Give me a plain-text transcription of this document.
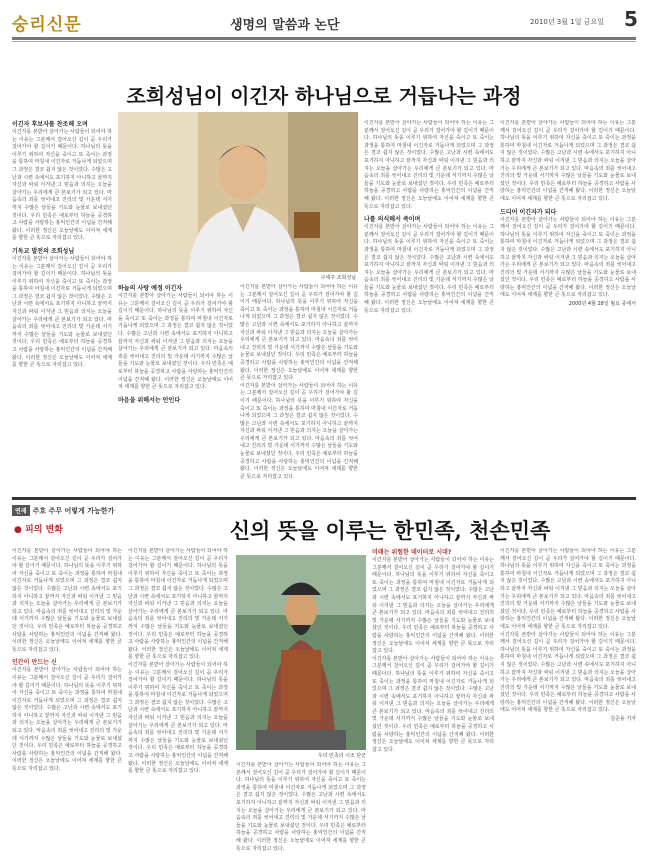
숭리신문	생명의 말씀과 논단	2010년 3월 1일 금요일 5
조희성님이 이긴자 하나님으로 거듭나는 과정
이긴자 후보자를 찬조해 오며
이긴자를 본받아 살아가는 사람들이 되어야 하는 이유는 그분께서 걸어오신 길이 곧 우리가 걸어가야 할 길이기 때문이다. 하나님의 뜻을 이루기 위하여 자신을 죽이고 또 죽이는 과정을 통하여 마침내 이긴자로 거듭나게 되었으며 그 과정은 결코 쉽지 않은 것이었다. 수많은 고난과 시련 속에서도 포기하지 아니하고 끝까지 자신과 싸워 이겨낸 그 믿음과 의지는 오늘을 살아가는 우리에게 큰 본보기가 되고 있다. 마음속의 죄를 씻어내고 진리의 빛 가운데 서기까지 수많은 날들을 기도와 눈물로 보내셨던 것이다. 우리 민족은 예로부터 하늘을 공경하고 사람을 사랑하는 홍익인간의 이념을 간직해 왔다. 이러한 정신은 오늘날에도 이어져 세계를 향한 큰 뜻으로 자리잡고 있다.
기독교 발전의 조희성님
이긴자를 본받아 살아가는 사람들이 되어야 하는 이유는 그분께서 걸어오신 길이 곧 우리가 걸어가야 할 길이기 때문이다. 하나님의 뜻을 이루기 위하여 자신을 죽이고 또 죽이는 과정을 통하여 마침내 이긴자로 거듭나게 되었으며 그 과정은 결코 쉽지 않은 것이었다. 수많은 고난과 시련 속에서도 포기하지 아니하고 끝까지 자신과 싸워 이겨낸 그 믿음과 의지는 오늘을 살아가는 우리에게 큰 본보기가 되고 있다. 마음속의 죄를 씻어내고 진리의 빛 가운데 서기까지 수많은 날들을 기도와 눈물로 보내셨던 것이다. 우리 민족은 예로부터 하늘을 공경하고 사람을 사랑하는 홍익인간의 이념을 간직해 왔다. 이러한 정신은 오늘날에도 이어져 세계를 향한 큰 뜻으로 자리잡고 있다.
구세주 조희성님
하늘의 사랑 예정 이긴자
이긴자를 본받아 살아가는 사람들이 되어야 하는 이유는 그분께서 걸어오신 길이 곧 우리가 걸어가야 할 길이기 때문이다. 하나님의 뜻을 이루기 위하여 자신을 죽이고 또 죽이는 과정을 통하여 마침내 이긴자로 거듭나게 되었으며 그 과정은 결코 쉽지 않은 것이었다. 수많은 고난과 시련 속에서도 포기하지 아니하고 끝까지 자신과 싸워 이겨낸 그 믿음과 의지는 오늘을 살아가는 우리에게 큰 본보기가 되고 있다. 마음속의 죄를 씻어내고 진리의 빛 가운데 서기까지 수많은 날들을 기도와 눈물로 보내셨던 것이다. 우리 민족은 예로부터 하늘을 공경하고 사람을 사랑하는 홍익인간의 이념을 간직해 왔다. 이러한 정신은 오늘날에도 이어져 세계를 향한 큰 뜻으로 자리잡고 있다.
마음을 위해서는 안인다
이긴자를 본받아 살아가는 사람들이 되어야 하는 이유는 그분께서 걸어오신 길이 곧 우리가 걸어가야 할 길이기 때문이다. 하나님의 뜻을 이루기 위하여 자신을 죽이고 또 죽이는 과정을 통하여 마침내 이긴자로 거듭나게 되었으며 그 과정은 결코 쉽지 않은 것이었다. 수많은 고난과 시련 속에서도 포기하지 아니하고 끝까지 자신과 싸워 이겨낸 그 믿음과 의지는 오늘을 살아가는 우리에게 큰 본보기가 되고 있다. 마음속의 죄를 씻어내고 진리의 빛 가운데 서기까지 수많은 날들을 기도와 눈물로 보내셨던 것이다. 우리 민족은 예로부터 하늘을 공경하고 사람을 사랑하는 홍익인간의 이념을 간직해 왔다. 이러한 정신은 오늘날에도 이어져 세계를 향한 큰 뜻으로 자리잡고 있다.
이긴자를 본받아 살아가는 사람들이 되어야 하는 이유는 그분께서 걸어오신 길이 곧 우리가 걸어가야 할 길이기 때문이다. 하나님의 뜻을 이루기 위하여 자신을 죽이고 또 죽이는 과정을 통하여 마침내 이긴자로 거듭나게 되었으며 그 과정은 결코 쉽지 않은 것이었다. 수많은 고난과 시련 속에서도 포기하지 아니하고 끝까지 자신과 싸워 이겨낸 그 믿음과 의지는 오늘을 살아가는 우리에게 큰 본보기가 되고 있다. 마음속의 죄를 씻어내고 진리의 빛 가운데 서기까지 수많은 날들을 기도와 눈물로 보내셨던 것이다. 우리 민족은 예로부터 하늘을 공경하고 사람을 사랑하는 홍익인간의 이념을 간직해 왔다. 이러한 정신은 오늘날에도 이어져 세계를 향한 큰 뜻으로 자리잡고 있다.
이긴자를 본받아 살아가는 사람들이 되어야 하는 이유는 그분께서 걸어오신 길이 곧 우리가 걸어가야 할 길이기 때문이다. 하나님의 뜻을 이루기 위하여 자신을 죽이고 또 죽이는 과정을 통하여 마침내 이긴자로 거듭나게 되었으며 그 과정은 결코 쉽지 않은 것이었다. 수많은 고난과 시련 속에서도 포기하지 아니하고 끝까지 자신과 싸워 이겨낸 그 믿음과 의지는 오늘을 살아가는 우리에게 큰 본보기가 되고 있다. 마음속의 죄를 씻어내고 진리의 빛 가운데 서기까지 수많은 날들을 기도와 눈물로 보내셨던 것이다. 우리 민족은 예로부터 하늘을 공경하고 사람을 사랑하는 홍익인간의 이념을 간직해 왔다. 이러한 정신은 오늘날에도 이어져 세계를 향한 큰 뜻으로 자리잡고 있다.
나를 의식해서 죽이며
이긴자를 본받아 살아가는 사람들이 되어야 하는 이유는 그분께서 걸어오신 길이 곧 우리가 걸어가야 할 길이기 때문이다. 하나님의 뜻을 이루기 위하여 자신을 죽이고 또 죽이는 과정을 통하여 마침내 이긴자로 거듭나게 되었으며 그 과정은 결코 쉽지 않은 것이었다. 수많은 고난과 시련 속에서도 포기하지 아니하고 끝까지 자신과 싸워 이겨낸 그 믿음과 의지는 오늘을 살아가는 우리에게 큰 본보기가 되고 있다. 마음속의 죄를 씻어내고 진리의 빛 가운데 서기까지 수많은 날들을 기도와 눈물로 보내셨던 것이다. 우리 민족은 예로부터 하늘을 공경하고 사람을 사랑하는 홍익인간의 이념을 간직해 왔다. 이러한 정신은 오늘날에도 이어져 세계를 향한 큰 뜻으로 자리잡고 있다.
이긴자를 본받아 살아가는 사람들이 되어야 하는 이유는 그분께서 걸어오신 길이 곧 우리가 걸어가야 할 길이기 때문이다. 하나님의 뜻을 이루기 위하여 자신을 죽이고 또 죽이는 과정을 통하여 마침내 이긴자로 거듭나게 되었으며 그 과정은 결코 쉽지 않은 것이었다. 수많은 고난과 시련 속에서도 포기하지 아니하고 끝까지 자신과 싸워 이겨낸 그 믿음과 의지는 오늘을 살아가는 우리에게 큰 본보기가 되고 있다. 마음속의 죄를 씻어내고 진리의 빛 가운데 서기까지 수많은 날들을 기도와 눈물로 보내셨던 것이다. 우리 민족은 예로부터 하늘을 공경하고 사람을 사랑하는 홍익인간의 이념을 간직해 왔다. 이러한 정신은 오늘날에도 이어져 세계를 향한 큰 뜻으로 자리잡고 있다.
드디어 이긴자가 되다
이긴자를 본받아 살아가는 사람들이 되어야 하는 이유는 그분께서 걸어오신 길이 곧 우리가 걸어가야 할 길이기 때문이다. 하나님의 뜻을 이루기 위하여 자신을 죽이고 또 죽이는 과정을 통하여 마침내 이긴자로 거듭나게 되었으며 그 과정은 결코 쉽지 않은 것이었다. 수많은 고난과 시련 속에서도 포기하지 아니하고 끝까지 자신과 싸워 이겨낸 그 믿음과 의지는 오늘을 살아가는 우리에게 큰 본보기가 되고 있다. 마음속의 죄를 씻어내고 진리의 빛 가운데 서기까지 수많은 날들을 기도와 눈물로 보내셨던 것이다. 우리 민족은 예로부터 하늘을 공경하고 사람을 사랑하는 홍익인간의 이념을 간직해 왔다. 이러한 정신은 오늘날에도 이어져 세계를 향한 큰 뜻으로 자리잡고 있다.
2000년 4월 28일 월요 중에서
연재 주호 주무 어렇게 가능한가
● 피의 변화	신의 뜻을 이루는 한민족, 천손민족
이긴자를 본받아 살아가는 사람들이 되어야 하는 이유는 그분께서 걸어오신 길이 곧 우리가 걸어가야 할 길이기 때문이다. 하나님의 뜻을 이루기 위하여 자신을 죽이고 또 죽이는 과정을 통하여 마침내 이긴자로 거듭나게 되었으며 그 과정은 결코 쉽지 않은 것이었다. 수많은 고난과 시련 속에서도 포기하지 아니하고 끝까지 자신과 싸워 이겨낸 그 믿음과 의지는 오늘을 살아가는 우리에게 큰 본보기가 되고 있다. 마음속의 죄를 씻어내고 진리의 빛 가운데 서기까지 수많은 날들을 기도와 눈물로 보내셨던 것이다. 우리 민족은 예로부터 하늘을 공경하고 사람을 사랑하는 홍익인간의 이념을 간직해 왔다. 이러한 정신은 오늘날에도 이어져 세계를 향한 큰 뜻으로 자리잡고 있다.
인간이 만드는 신
이긴자를 본받아 살아가는 사람들이 되어야 하는 이유는 그분께서 걸어오신 길이 곧 우리가 걸어가야 할 길이기 때문이다. 하나님의 뜻을 이루기 위하여 자신을 죽이고 또 죽이는 과정을 통하여 마침내 이긴자로 거듭나게 되었으며 그 과정은 결코 쉽지 않은 것이었다. 수많은 고난과 시련 속에서도 포기하지 아니하고 끝까지 자신과 싸워 이겨낸 그 믿음과 의지는 오늘을 살아가는 우리에게 큰 본보기가 되고 있다. 마음속의 죄를 씻어내고 진리의 빛 가운데 서기까지 수많은 날들을 기도와 눈물로 보내셨던 것이다. 우리 민족은 예로부터 하늘을 공경하고 사람을 사랑하는 홍익인간의 이념을 간직해 왔다. 이러한 정신은 오늘날에도 이어져 세계를 향한 큰 뜻으로 자리잡고 있다.
이긴자를 본받아 살아가는 사람들이 되어야 하는 이유는 그분께서 걸어오신 길이 곧 우리가 걸어가야 할 길이기 때문이다. 하나님의 뜻을 이루기 위하여 자신을 죽이고 또 죽이는 과정을 통하여 마침내 이긴자로 거듭나게 되었으며 그 과정은 결코 쉽지 않은 것이었다. 수많은 고난과 시련 속에서도 포기하지 아니하고 끝까지 자신과 싸워 이겨낸 그 믿음과 의지는 오늘을 살아가는 우리에게 큰 본보기가 되고 있다. 마음속의 죄를 씻어내고 진리의 빛 가운데 서기까지 수많은 날들을 기도와 눈물로 보내셨던 것이다. 우리 민족은 예로부터 하늘을 공경하고 사람을 사랑하는 홍익인간의 이념을 간직해 왔다. 이러한 정신은 오늘날에도 이어져 세계를 향한 큰 뜻으로 자리잡고 있다.
이긴자를 본받아 살아가는 사람들이 되어야 하는 이유는 그분께서 걸어오신 길이 곧 우리가 걸어가야 할 길이기 때문이다. 하나님의 뜻을 이루기 위하여 자신을 죽이고 또 죽이는 과정을 통하여 마침내 이긴자로 거듭나게 되었으며 그 과정은 결코 쉽지 않은 것이었다. 수많은 고난과 시련 속에서도 포기하지 아니하고 끝까지 자신과 싸워 이겨낸 그 믿음과 의지는 오늘을 살아가는 우리에게 큰 본보기가 되고 있다. 마음속의 죄를 씻어내고 진리의 빛 가운데 서기까지 수많은 날들을 기도와 눈물로 보내셨던 것이다. 우리 민족은 예로부터 하늘을 공경하고 사람을 사랑하는 홍익인간의 이념을 간직해 왔다. 이러한 정신은 오늘날에도 이어져 세계를 향한 큰 뜻으로 자리잡고 있다.
우리 민족의 시조 단군
이긴자를 본받아 살아가는 사람들이 되어야 하는 이유는 그분께서 걸어오신 길이 곧 우리가 걸어가야 할 길이기 때문이다. 하나님의 뜻을 이루기 위하여 자신을 죽이고 또 죽이는 과정을 통하여 마침내 이긴자로 거듭나게 되었으며 그 과정은 결코 쉽지 않은 것이었다. 수많은 고난과 시련 속에서도 포기하지 아니하고 끝까지 자신과 싸워 이겨낸 그 믿음과 의지는 오늘을 살아가는 우리에게 큰 본보기가 되고 있다. 마음속의 죄를 씻어내고 진리의 빛 가운데 서기까지 수많은 날들을 기도와 눈물로 보내셨던 것이다. 우리 민족은 예로부터 하늘을 공경하고 사람을 사랑하는 홍익인간의 이념을 간직해 왔다. 이러한 정신은 오늘날에도 이어져 세계를 향한 큰 뜻으로 자리잡고 있다.
미래는 위험한 데이터로 시대?
이긴자를 본받아 살아가는 사람들이 되어야 하는 이유는 그분께서 걸어오신 길이 곧 우리가 걸어가야 할 길이기 때문이다. 하나님의 뜻을 이루기 위하여 자신을 죽이고 또 죽이는 과정을 통하여 마침내 이긴자로 거듭나게 되었으며 그 과정은 결코 쉽지 않은 것이었다. 수많은 고난과 시련 속에서도 포기하지 아니하고 끝까지 자신과 싸워 이겨낸 그 믿음과 의지는 오늘을 살아가는 우리에게 큰 본보기가 되고 있다. 마음속의 죄를 씻어내고 진리의 빛 가운데 서기까지 수많은 날들을 기도와 눈물로 보내셨던 것이다. 우리 민족은 예로부터 하늘을 공경하고 사람을 사랑하는 홍익인간의 이념을 간직해 왔다. 이러한 정신은 오늘날에도 이어져 세계를 향한 큰 뜻으로 자리잡고 있다.
이긴자를 본받아 살아가는 사람들이 되어야 하는 이유는 그분께서 걸어오신 길이 곧 우리가 걸어가야 할 길이기 때문이다. 하나님의 뜻을 이루기 위하여 자신을 죽이고 또 죽이는 과정을 통하여 마침내 이긴자로 거듭나게 되었으며 그 과정은 결코 쉽지 않은 것이었다. 수많은 고난과 시련 속에서도 포기하지 아니하고 끝까지 자신과 싸워 이겨낸 그 믿음과 의지는 오늘을 살아가는 우리에게 큰 본보기가 되고 있다. 마음속의 죄를 씻어내고 진리의 빛 가운데 서기까지 수많은 날들을 기도와 눈물로 보내셨던 것이다. 우리 민족은 예로부터 하늘을 공경하고 사람을 사랑하는 홍익인간의 이념을 간직해 왔다. 이러한 정신은 오늘날에도 이어져 세계를 향한 큰 뜻으로 자리잡고 있다.
이긴자를 본받아 살아가는 사람들이 되어야 하는 이유는 그분께서 걸어오신 길이 곧 우리가 걸어가야 할 길이기 때문이다. 하나님의 뜻을 이루기 위하여 자신을 죽이고 또 죽이는 과정을 통하여 마침내 이긴자로 거듭나게 되었으며 그 과정은 결코 쉽지 않은 것이었다. 수많은 고난과 시련 속에서도 포기하지 아니하고 끝까지 자신과 싸워 이겨낸 그 믿음과 의지는 오늘을 살아가는 우리에게 큰 본보기가 되고 있다. 마음속의 죄를 씻어내고 진리의 빛 가운데 서기까지 수많은 날들을 기도와 눈물로 보내셨던 것이다. 우리 민족은 예로부터 하늘을 공경하고 사람을 사랑하는 홍익인간의 이념을 간직해 왔다. 이러한 정신은 오늘날에도 이어져 세계를 향한 큰 뜻으로 자리잡고 있다.
이긴자를 본받아 살아가는 사람들이 되어야 하는 이유는 그분께서 걸어오신 길이 곧 우리가 걸어가야 할 길이기 때문이다. 하나님의 뜻을 이루기 위하여 자신을 죽이고 또 죽이는 과정을 통하여 마침내 이긴자로 거듭나게 되었으며 그 과정은 결코 쉽지 않은 것이었다. 수많은 고난과 시련 속에서도 포기하지 아니하고 끝까지 자신과 싸워 이겨낸 그 믿음과 의지는 오늘을 살아가는 우리에게 큰 본보기가 되고 있다. 마음속의 죄를 씻어내고 진리의 빛 가운데 서기까지 수많은 날들을 기도와 눈물로 보내셨던 것이다. 우리 민족은 예로부터 하늘을 공경하고 사람을 사랑하는 홍익인간의 이념을 간직해 왔다. 이러한 정신은 오늘날에도 이어져 세계를 향한 큰 뜻으로 자리잡고 있다.
김준용 기자
